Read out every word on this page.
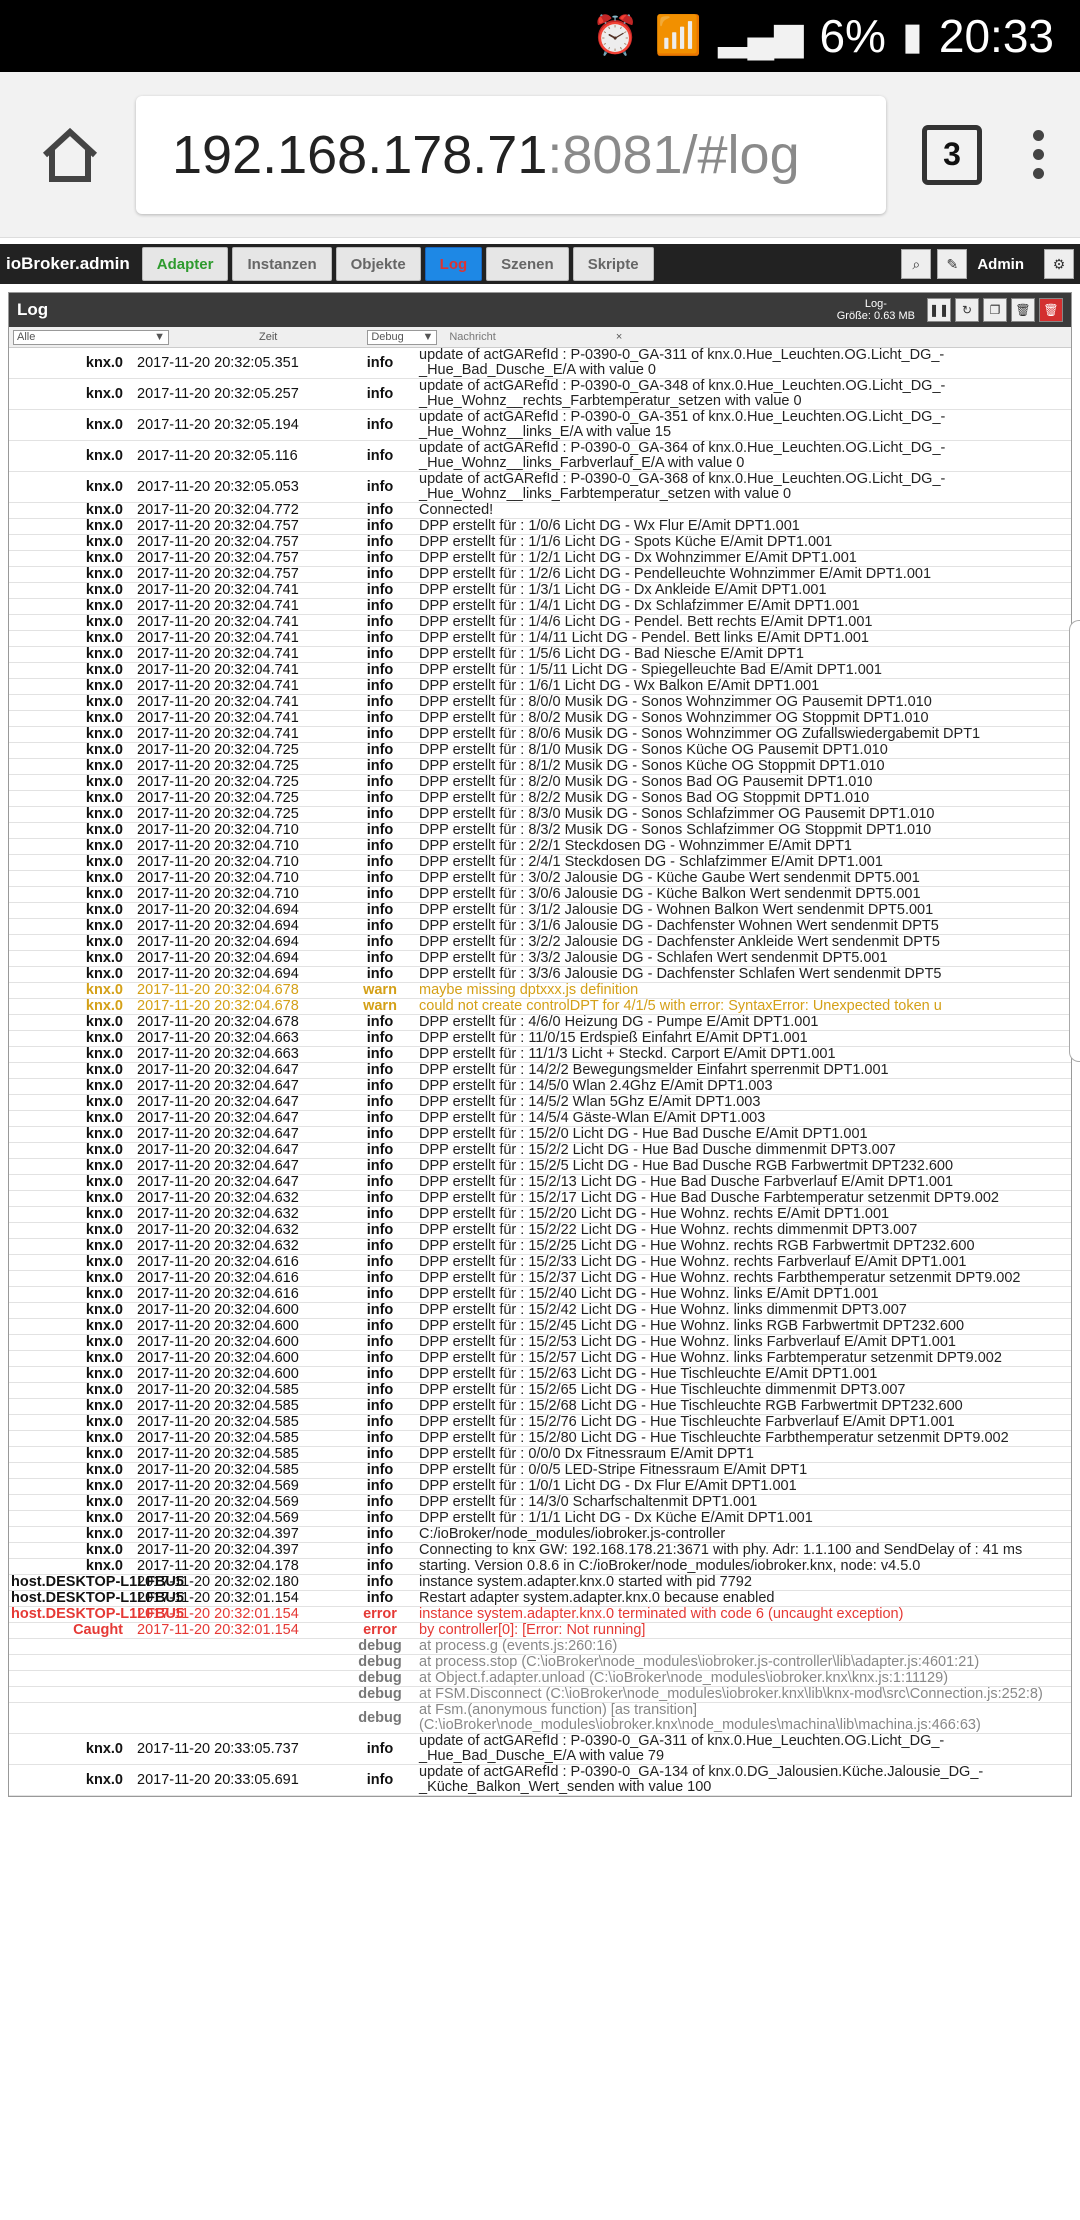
⏰ 📶 ▂▄▆ 6% ▮ 20:33
192.168.178.71 :8081/#log	3
ioBroker.admin	Adapter	Instanzen	Objekte	Log	Szenen	Skripte	⌕ ✎ Admin ⚙
Log	Log-
Größe: 0.63 MB ❚❚ ↻ ❐ 🗑 🗑
Alle	▼	Zeit	Debug ▼ Nachricht	×
knx.0	2017-11-20 20:32:05.351	info	update of actGARefId : P-0390-0_GA-311 of knx.0.Hue_Leuchten.OG.Licht_DG_-_Hue_Bad_Dusche_E/A with value 0
knx.0	2017-11-20 20:32:05.257	info	update of actGARefId : P-0390-0_GA-348 of knx.0.Hue_Leuchten.OG.Licht_DG_-_Hue_Wohnz__rechts_Farbtemperatur_setzen with value 0
knx.0	2017-11-20 20:32:05.194	info	update of actGARefId : P-0390-0_GA-351 of knx.0.Hue_Leuchten.OG.Licht_DG_-_Hue_Wohnz__links_E/A with value 15
knx.0	2017-11-20 20:32:05.116	info	update of actGARefId : P-0390-0_GA-364 of knx.0.Hue_Leuchten.OG.Licht_DG_-_Hue_Wohnz__links_Farbverlauf_E/A with value 0
knx.0	2017-11-20 20:32:05.053	info	update of actGARefId : P-0390-0_GA-368 of knx.0.Hue_Leuchten.OG.Licht_DG_-_Hue_Wohnz__links_Farbtemperatur_setzen with value 0
knx.0	2017-11-20 20:32:04.772	info	Connected!
knx.0	2017-11-20 20:32:04.757	info	DPP erstellt für : 1/0/6 Licht DG - Wx Flur E/Amit DPT1.001
knx.0	2017-11-20 20:32:04.757	info	DPP erstellt für : 1/1/6 Licht DG - Spots Küche E/Amit DPT1.001
knx.0	2017-11-20 20:32:04.757	info	DPP erstellt für : 1/2/1 Licht DG - Dx Wohnzimmer E/Amit DPT1.001
knx.0	2017-11-20 20:32:04.757	info	DPP erstellt für : 1/2/6 Licht DG - Pendelleuchte Wohnzimmer E/Amit DPT1.001
knx.0	2017-11-20 20:32:04.741	info	DPP erstellt für : 1/3/1 Licht DG - Dx Ankleide E/Amit DPT1.001
knx.0	2017-11-20 20:32:04.741	info	DPP erstellt für : 1/4/1 Licht DG - Dx Schlafzimmer E/Amit DPT1.001
knx.0	2017-11-20 20:32:04.741	info	DPP erstellt für : 1/4/6 Licht DG - Pendel. Bett rechts E/Amit DPT1.001
knx.0	2017-11-20 20:32:04.741	info	DPP erstellt für : 1/4/11 Licht DG - Pendel. Bett links E/Amit DPT1.001
knx.0	2017-11-20 20:32:04.741	info	DPP erstellt für : 1/5/6 Licht DG - Bad Niesche E/Amit DPT1
knx.0	2017-11-20 20:32:04.741	info	DPP erstellt für : 1/5/11 Licht DG - Spiegelleuchte Bad E/Amit DPT1.001
knx.0	2017-11-20 20:32:04.741	info	DPP erstellt für : 1/6/1 Licht DG - Wx Balkon E/Amit DPT1.001
knx.0	2017-11-20 20:32:04.741	info	DPP erstellt für : 8/0/0 Musik DG - Sonos Wohnzimmer OG Pausemit DPT1.010
knx.0	2017-11-20 20:32:04.741	info	DPP erstellt für : 8/0/2 Musik DG - Sonos Wohnzimmer OG Stoppmit DPT1.010
knx.0	2017-11-20 20:32:04.741	info	DPP erstellt für : 8/0/6 Musik DG - Sonos Wohnzimmer OG Zufallswiedergabemit DPT1
knx.0	2017-11-20 20:32:04.725	info	DPP erstellt für : 8/1/0 Musik DG - Sonos Küche OG Pausemit DPT1.010
knx.0	2017-11-20 20:32:04.725	info	DPP erstellt für : 8/1/2 Musik DG - Sonos Küche OG Stoppmit DPT1.010
knx.0	2017-11-20 20:32:04.725	info	DPP erstellt für : 8/2/0 Musik DG - Sonos Bad OG Pausemit DPT1.010
knx.0	2017-11-20 20:32:04.725	info	DPP erstellt für : 8/2/2 Musik DG - Sonos Bad OG Stoppmit DPT1.010
knx.0	2017-11-20 20:32:04.725	info	DPP erstellt für : 8/3/0 Musik DG - Sonos Schlafzimmer OG Pausemit DPT1.010
knx.0	2017-11-20 20:32:04.710	info	DPP erstellt für : 8/3/2 Musik DG - Sonos Schlafzimmer OG Stoppmit DPT1.010
knx.0	2017-11-20 20:32:04.710	info	DPP erstellt für : 2/2/1 Steckdosen DG - Wohnzimmer E/Amit DPT1
knx.0	2017-11-20 20:32:04.710	info	DPP erstellt für : 2/4/1 Steckdosen DG - Schlafzimmer E/Amit DPT1.001
knx.0	2017-11-20 20:32:04.710	info	DPP erstellt für : 3/0/2 Jalousie DG - Küche Gaube Wert sendenmit DPT5.001
knx.0	2017-11-20 20:32:04.710	info	DPP erstellt für : 3/0/6 Jalousie DG - Küche Balkon Wert sendenmit DPT5.001
knx.0	2017-11-20 20:32:04.694	info	DPP erstellt für : 3/1/2 Jalousie DG - Wohnen Balkon Wert sendenmit DPT5.001
knx.0	2017-11-20 20:32:04.694	info	DPP erstellt für : 3/1/6 Jalousie DG - Dachfenster Wohnen Wert sendenmit DPT5
knx.0	2017-11-20 20:32:04.694	info	DPP erstellt für : 3/2/2 Jalousie DG - Dachfenster Ankleide Wert sendenmit DPT5
knx.0	2017-11-20 20:32:04.694	info	DPP erstellt für : 3/3/2 Jalousie DG - Schlafen Wert sendenmit DPT5.001
knx.0	2017-11-20 20:32:04.694	info	DPP erstellt für : 3/3/6 Jalousie DG - Dachfenster Schlafen Wert sendenmit DPT5
knx.0	2017-11-20 20:32:04.678	warn	maybe missing dptxxx.js definition
knx.0	2017-11-20 20:32:04.678	warn	could not create controlDPT for 4/1/5 with error: SyntaxError: Unexpected token u
knx.0	2017-11-20 20:32:04.678	info	DPP erstellt für : 4/6/0 Heizung DG - Pumpe E/Amit DPT1.001
knx.0	2017-11-20 20:32:04.663	info	DPP erstellt für : 11/0/15 Erdspieß Einfahrt E/Amit DPT1.001
knx.0	2017-11-20 20:32:04.663	info	DPP erstellt für : 11/1/3 Licht + Steckd. Carport E/Amit DPT1.001
knx.0	2017-11-20 20:32:04.647	info	DPP erstellt für : 14/2/2 Bewegungsmelder Einfahrt sperrenmit DPT1.001
knx.0	2017-11-20 20:32:04.647	info	DPP erstellt für : 14/5/0 Wlan 2.4Ghz E/Amit DPT1.003
knx.0	2017-11-20 20:32:04.647	info	DPP erstellt für : 14/5/2 Wlan 5Ghz E/Amit DPT1.003
knx.0	2017-11-20 20:32:04.647	info	DPP erstellt für : 14/5/4 Gäste-Wlan E/Amit DPT1.003
knx.0	2017-11-20 20:32:04.647	info	DPP erstellt für : 15/2/0 Licht DG - Hue Bad Dusche E/Amit DPT1.001
knx.0	2017-11-20 20:32:04.647	info	DPP erstellt für : 15/2/2 Licht DG - Hue Bad Dusche dimmenmit DPT3.007
knx.0	2017-11-20 20:32:04.647	info	DPP erstellt für : 15/2/5 Licht DG - Hue Bad Dusche RGB Farbwertmit DPT232.600
knx.0	2017-11-20 20:32:04.647	info	DPP erstellt für : 15/2/13 Licht DG - Hue Bad Dusche Farbverlauf E/Amit DPT1.001
knx.0	2017-11-20 20:32:04.632	info	DPP erstellt für : 15/2/17 Licht DG - Hue Bad Dusche Farbtemperatur setzenmit DPT9.002
knx.0	2017-11-20 20:32:04.632	info	DPP erstellt für : 15/2/20 Licht DG - Hue Wohnz. rechts E/Amit DPT1.001
knx.0	2017-11-20 20:32:04.632	info	DPP erstellt für : 15/2/22 Licht DG - Hue Wohnz. rechts dimmenmit DPT3.007
knx.0	2017-11-20 20:32:04.632	info	DPP erstellt für : 15/2/25 Licht DG - Hue Wohnz. rechts RGB Farbwertmit DPT232.600
knx.0	2017-11-20 20:32:04.616	info	DPP erstellt für : 15/2/33 Licht DG - Hue Wohnz. rechts Farbverlauf E/Amit DPT1.001
knx.0	2017-11-20 20:32:04.616	info	DPP erstellt für : 15/2/37 Licht DG - Hue Wohnz. rechts Farbthemperatur setzenmit DPT9.002
knx.0	2017-11-20 20:32:04.616	info	DPP erstellt für : 15/2/40 Licht DG - Hue Wohnz. links E/Amit DPT1.001
knx.0	2017-11-20 20:32:04.600	info	DPP erstellt für : 15/2/42 Licht DG - Hue Wohnz. links dimmenmit DPT3.007
knx.0	2017-11-20 20:32:04.600	info	DPP erstellt für : 15/2/45 Licht DG - Hue Wohnz. links RGB Farbwertmit DPT232.600
knx.0	2017-11-20 20:32:04.600	info	DPP erstellt für : 15/2/53 Licht DG - Hue Wohnz. links Farbverlauf E/Amit DPT1.001
knx.0	2017-11-20 20:32:04.600	info	DPP erstellt für : 15/2/57 Licht DG - Hue Wohnz. links Farbtemperatur setzenmit DPT9.002
knx.0	2017-11-20 20:32:04.600	info	DPP erstellt für : 15/2/63 Licht DG - Hue Tischleuchte E/Amit DPT1.001
knx.0	2017-11-20 20:32:04.585	info	DPP erstellt für : 15/2/65 Licht DG - Hue Tischleuchte dimmenmit DPT3.007
knx.0	2017-11-20 20:32:04.585	info	DPP erstellt für : 15/2/68 Licht DG - Hue Tischleuchte RGB Farbwertmit DPT232.600
knx.0	2017-11-20 20:32:04.585	info	DPP erstellt für : 15/2/76 Licht DG - Hue Tischleuchte Farbverlauf E/Amit DPT1.001
knx.0	2017-11-20 20:32:04.585	info	DPP erstellt für : 15/2/80 Licht DG - Hue Tischleuchte Farbthemperatur setzenmit DPT9.002
knx.0	2017-11-20 20:32:04.585	info	DPP erstellt für : 0/0/0 Dx Fitnessraum E/Amit DPT1
knx.0	2017-11-20 20:32:04.585	info	DPP erstellt für : 0/0/5 LED-Stripe Fitnessraum E/Amit DPT1
knx.0	2017-11-20 20:32:04.569	info	DPP erstellt für : 1/0/1 Licht DG - Dx Flur E/Amit DPT1.001
knx.0	2017-11-20 20:32:04.569	info	DPP erstellt für : 14/3/0 Scharfschaltenmit DPT1.001
knx.0	2017-11-20 20:32:04.569	info	DPP erstellt für : 1/1/1 Licht DG - Dx Küche E/Amit DPT1.001
knx.0	2017-11-20 20:32:04.397	info	C:/ioBroker/node_modules/iobroker.js-controller
knx.0	2017-11-20 20:32:04.397	info	Connecting to knx GW: 192.168.178.21:3671 with phy. Adr: 1.1.100 and SendDelay of : 41 ms
knx.0	2017-11-20 20:32:04.178	info	starting. Version 0.8.6 in C:/ioBroker/node_modules/iobroker.knx, node: v4.5.0
host.DESKTOP-L1LFBU5	2017-11-20 20:32:02.180	info	instance system.adapter.knx.0 started with pid 7792
host.DESKTOP-L1LFBU5	2017-11-20 20:32:01.154	info	Restart adapter system.adapter.knx.0 because enabled
host.DESKTOP-L1LFBU5	2017-11-20 20:32:01.154	error	instance system.adapter.knx.0 terminated with code 6 (uncaught exception)
Caught	2017-11-20 20:32:01.154	error	by controller[0]: [Error: Not running]
		debug	at process.g (events.js:260:16)
		debug	at process.stop (C:\ioBroker\node_modules\iobroker.js-controller\lib\adapter.js:4601:21)
		debug	at Object.f.adapter.unload (C:\ioBroker\node_modules\iobroker.knx\knx.js:1:11129)
		debug	at FSM.Disconnect (C:\ioBroker\node_modules\iobroker.knx\lib\knx-mod\src\Connection.js:252:8)
		debug	at Fsm.(anonymous function) [as transition] (C:\ioBroker\node_modules\iobroker.knx\node_modules\machina\lib\machina.js:466:63)
knx.0	2017-11-20 20:33:05.737	info	update of actGARefId : P-0390-0_GA-311 of knx.0.Hue_Leuchten.OG.Licht_DG_-_Hue_Bad_Dusche_E/A with value 79
knx.0	2017-11-20 20:33:05.691	info	update of actGARefId : P-0390-0_GA-134 of knx.0.DG_Jalousien.Küche.Jalousie_DG_-_Küche_Balkon_Wert_senden with value 100
